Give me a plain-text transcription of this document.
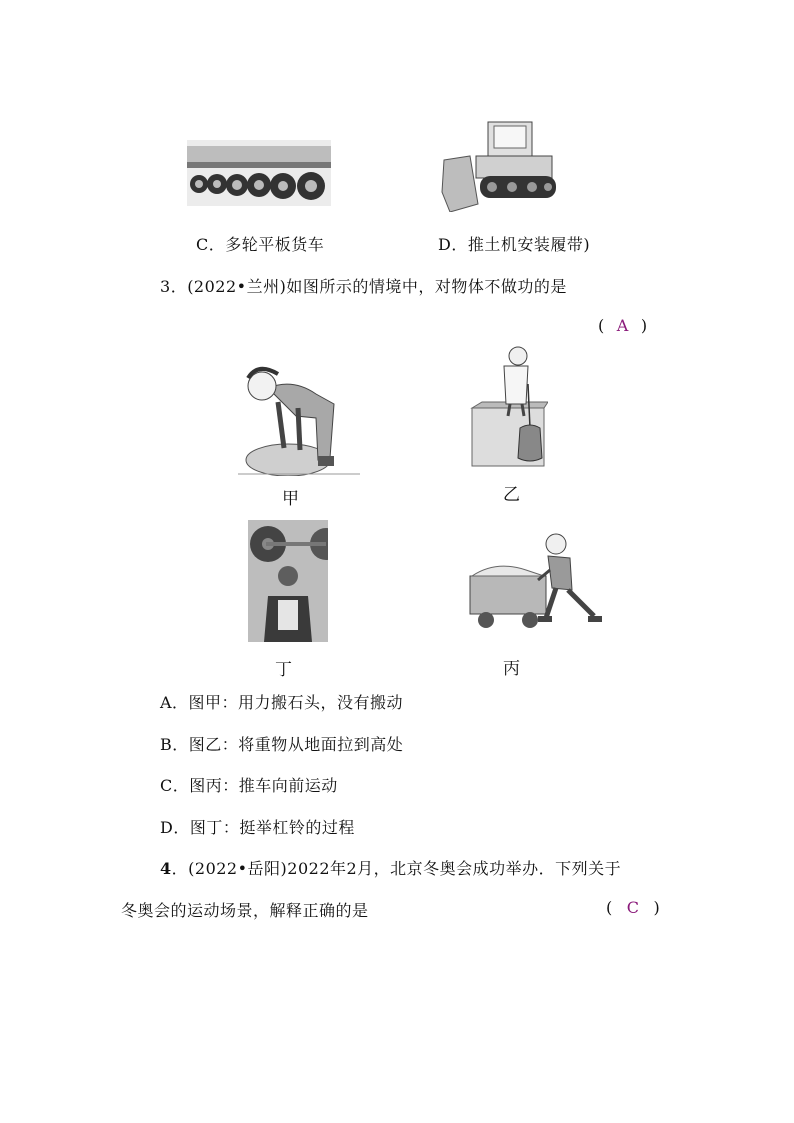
C．多轮平板货车	D．推土机安装履带)
3．(2022•兰州)如图所示的情境中，对物体不做功的是
( A )
甲	乙
丁	丙
A．图甲：用力搬石头，没有搬动
B．图乙：将重物从地面拉到高处
C．图丙：推车向前运动
D．图丁：挺举杠铃的过程
4．(2022•岳阳)2022年2月，北京冬奥会成功举办．下列关于
冬奥会的运动场景，解释正确的是	( C )
